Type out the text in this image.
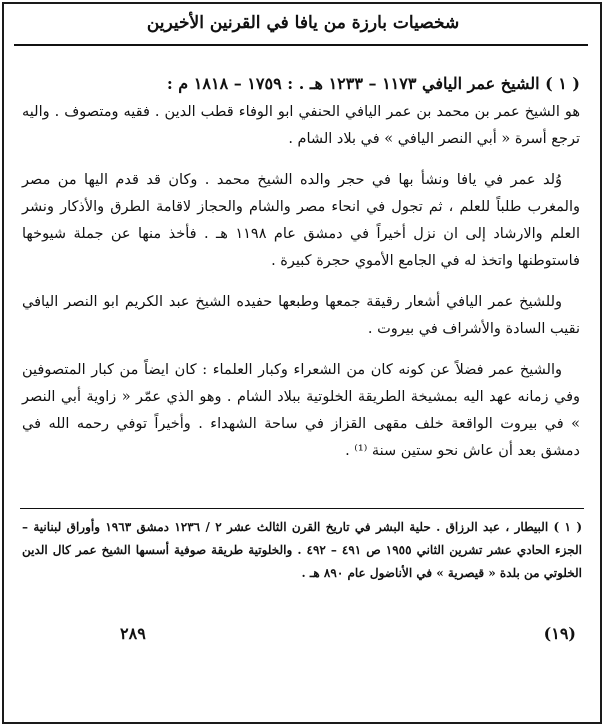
شخصيات بارزة من يافا في القرنين الأخيرين
( ١ ) الشيخ عمر اليافي ١١٧٣ – ١٢٣٣ هـ . : ١٧٥٩ – ١٨١٨ م :

هو الشيخ عمر بن محمد بن عمر اليافي الحنفي ابو الوفاء قطب الدين . فقيه ومتصوف . واليه ترجع أسرة « أبي النصر اليافي » في بلاد الشام .

وُلد عمر في يافا ونشأ بها في حجر والده الشيخ محمد . وكان قد قدم اليها من مصر والمغرب طلباً للعلم ، ثم تجول في انحاء مصر والشام والحجاز لاقامة الطرق والأذكار ونشر العلم والارشاد إلى ان نزل أخيراً في دمشق عام ١١٩٨ هـ . فأخذ منها عن جملة شيوخها فاستوطنها واتخذ له في الجامع الأموي حجرة كبيرة .

وللشيخ عمر اليافي أشعار رقيقة جمعها وطبعها حفيده الشيخ عبد الكريم ابو النصر اليافي نقيب السادة والأشراف في بيروت .

والشيخ عمر فضلاً عن كونه كان من الشعراء وكبار العلماء : كان ايضاً من كبار المتصوفين وفي زمانه عهد اليه بمشيخة الطريقة الخلوتية ببلاد الشام . وهو الذي عمّر « زاوية أبي النصر » في بيروت الواقعة خلف مقهى القزاز في ساحة الشهداء . وأخيراً توفي رحمه الله في دمشق بعد أن عاش نحو ستين سنة ⁽¹⁾ .

( ١ ) البيطار ، عبد الرزاق . حلية البشر في تاريخ القرن الثالث عشر ٢ / ١٢٣٦ دمشق ١٩٦٣ وأوراق لبنانية – الجزء الحادي عشر تشرين الثاني ١٩٥٥ ص ٤٩١ – ٤٩٢ . والخلوتية طريقة صوفية أسسها الشيخ عمر كال الدين الخلوتي من بلدة « قيصرية » في الأناضول عام ٨٩٠ هـ .
(١٩)
٢٨٩
